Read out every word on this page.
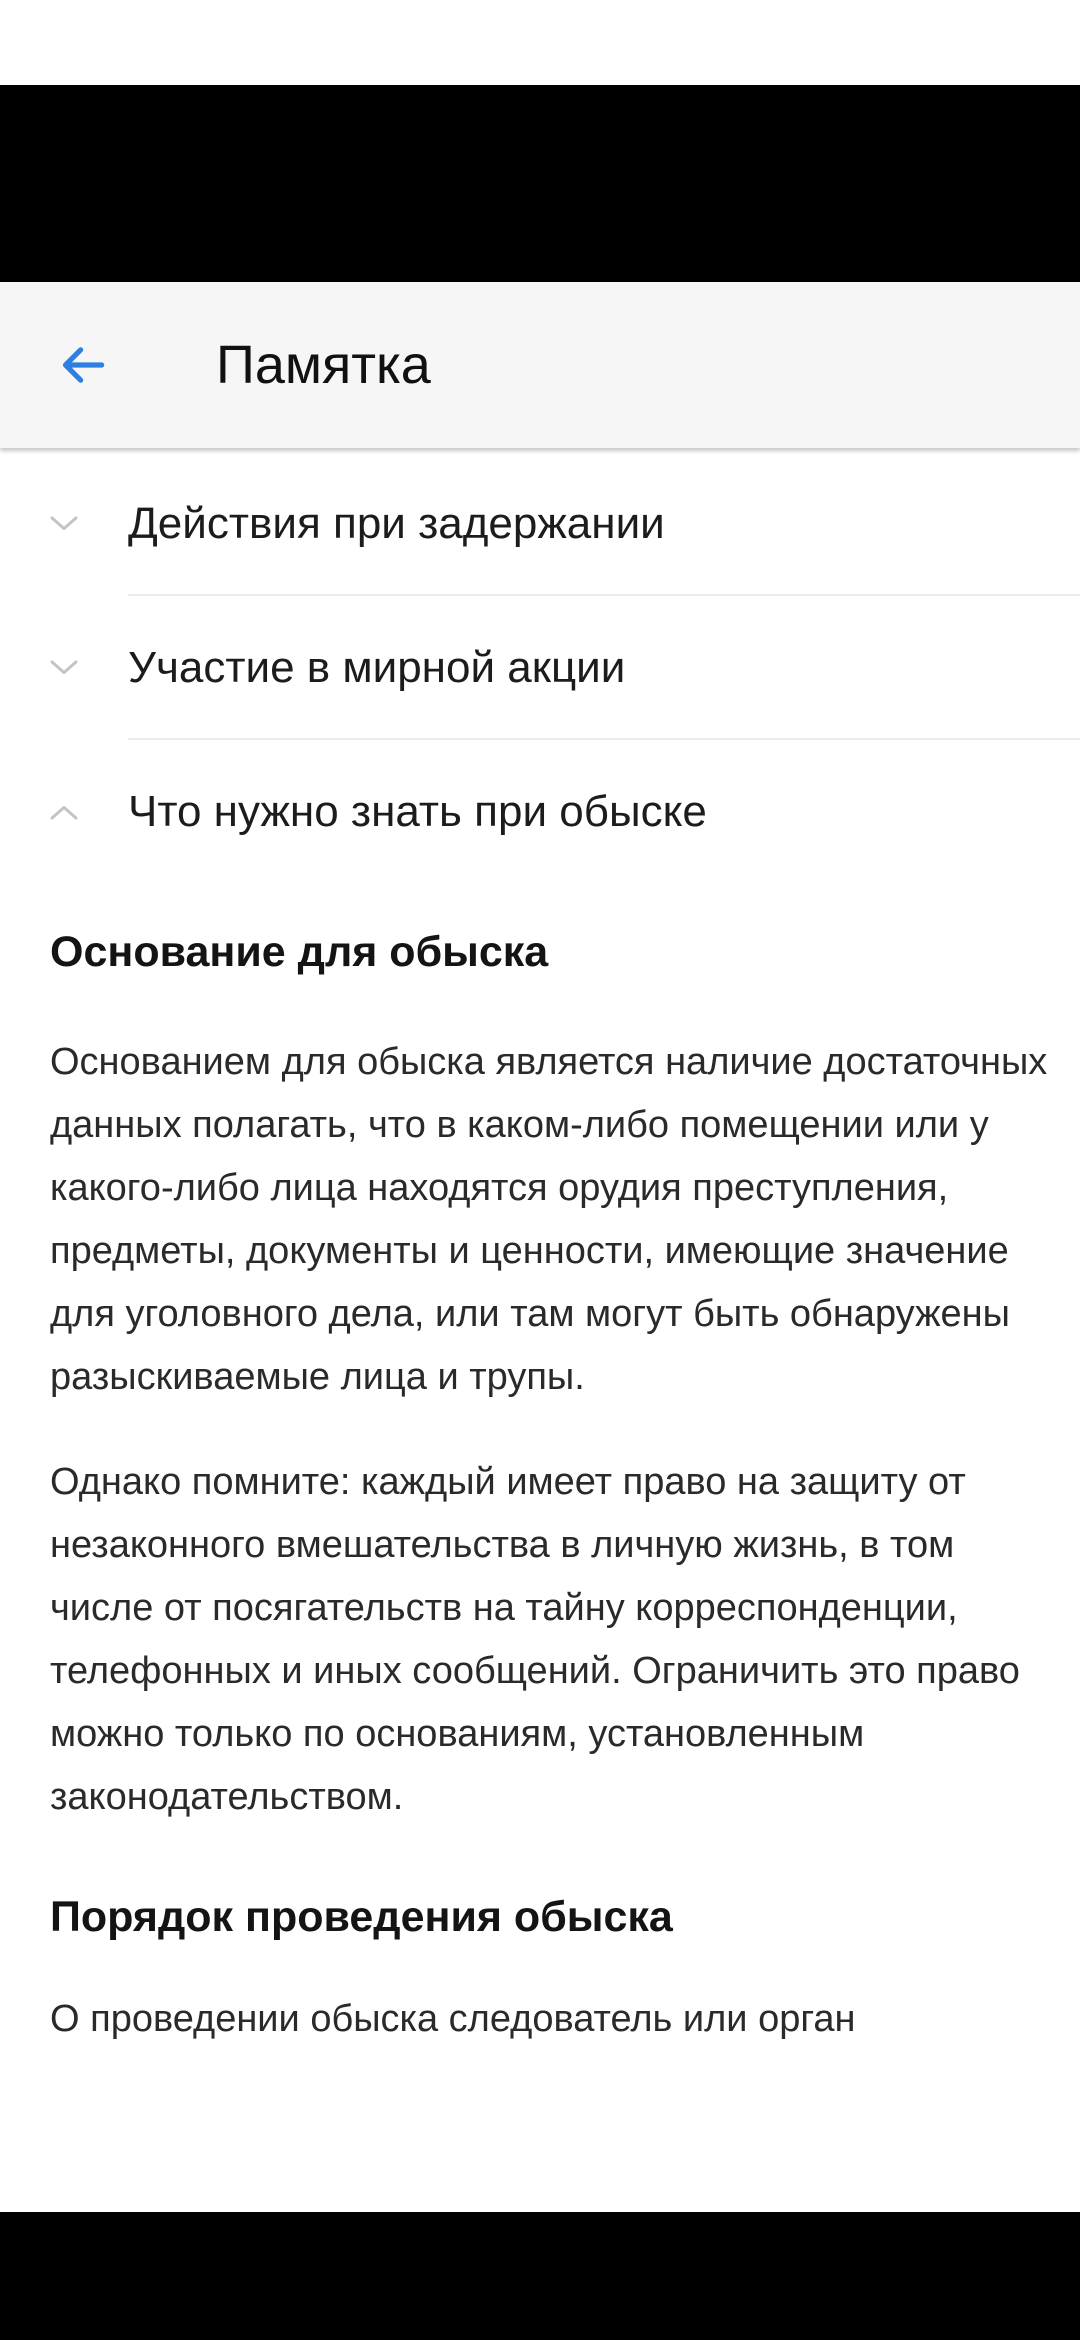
Памятка
Действия при задержании
Участие в мирной акции
Что нужно знать при обыске
Основание для обыска

Основанием для обыска является наличие достаточных данных полагать, что в каком-либо помещении или у какого-либо лица находятся орудия преступления, предметы, документы и ценности, имеющие значение для уголовного дела, или там могут быть обнаружены разыскиваемые лица и трупы.

Однако помните: каждый имеет право на защиту от незаконного вмешательства в личную жизнь, в том числе от посягательств на тайну корреспонденции, телефонных и иных сообщений. Ограничить это право можно только по основаниям, установленным законодательством.

Порядок проведения обыска

О проведении обыска следователь или орган
